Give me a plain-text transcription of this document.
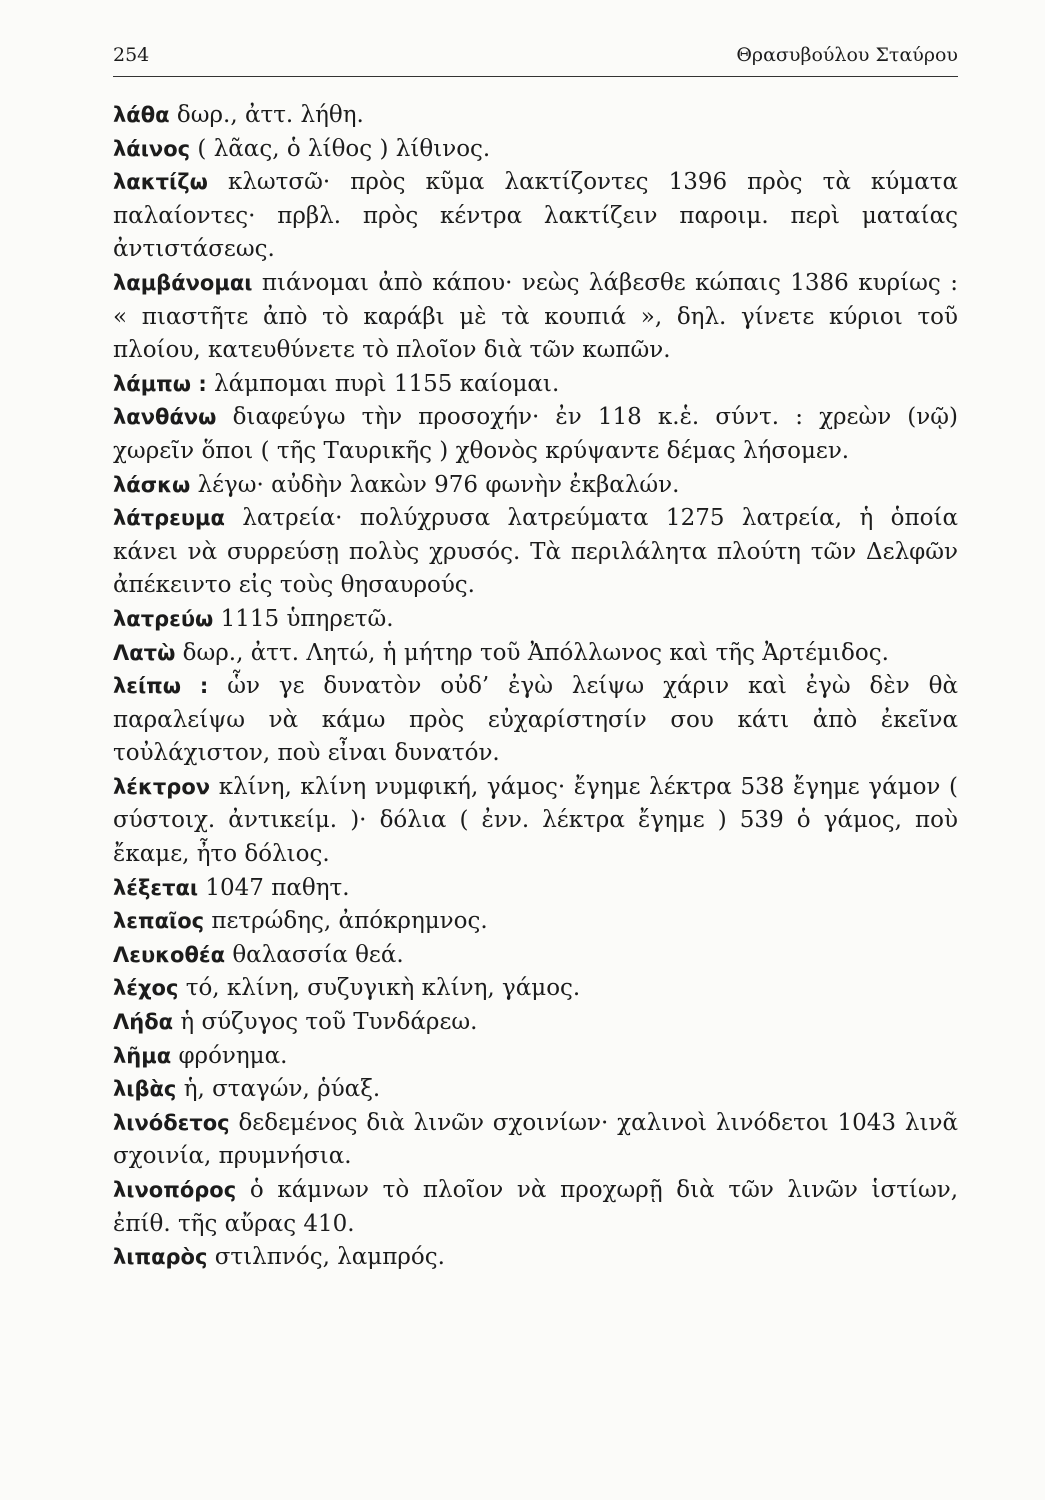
254	Θρασυβούλου Σταύρου

λάθα δωρ., ἀττ. λήθη.

λάινος ( λᾶας, ὁ λίθος ) λίθινος.

λακτίζω κλωτσῶ· πρὸς κῦμα λακτίζοντες 1396 πρὸς τὰ κύματα παλαίοντες· πρβλ. πρὸς κέντρα λακτίζειν παροιμ. περὶ ματαίας ἀντιστάσεως.

λαμβάνομαι πιάνομαι ἀπὸ κάπου· νεὼς λάβεσθε κώπαις 1386 κυρίως : « πιαστῆτε ἀπὸ τὸ καράβι μὲ τὰ κουπιά », δηλ. γίνετε κύριοι τοῦ πλοίου, κατευθύνετε τὸ πλοῖον διὰ τῶν κωπῶν.

λάμπω : λάμπομαι πυρὶ 1155 καίομαι.

λανθάνω διαφεύγω τὴν προσοχήν· ἐν 118 κ.ἑ. σύντ. : χρεὼν (νῷ) χωρεῖν ὅποι ( τῆς Ταυρικῆς ) χθονὸς κρύψαντε δέμας λήσομεν.

λάσκω λέγω· αὐδὴν λακὼν 976 φωνὴν ἐκβαλών.

λάτρευμα λατρεία· πολύχρυσα λατρεύματα 1275 λατρεία, ἡ ὁποία κάνει νὰ συρρεύσῃ πολὺς χρυσός. Τὰ περιλάλητα πλούτη τῶν Δελφῶν ἀπέκειντο εἰς τοὺς θησαυρούς.

λατρεύω 1115 ὑπηρετῶ.

Λατὼ δωρ., ἀττ. Λητώ, ἡ μήτηρ τοῦ Ἀπόλλωνος καὶ τῆς Ἀρτέμιδος.

λείπω : ὧν γε δυνατὸν οὐδ’ ἐγὼ λείψω χάριν καὶ ἐγὼ δὲν θὰ παραλείψω νὰ κάμω πρὸς εὐχαρίστησίν σου κάτι ἀπὸ ἐκεῖνα τοὐλάχιστον, ποὺ εἶναι δυνατόν.

λέκτρον κλίνη, κλίνη νυμφική, γάμος· ἔγημε λέκτρα 538 ἔγημε γάμον ( σύστοιχ. ἀντικείμ. )· δόλια ( ἐνν. λέκτρα ἔγημε ) 539 ὁ γάμος, ποὺ ἔκαμε, ἦτο δόλιος.

λέξεται 1047 παθητ.

λεπαῖος πετρώδης, ἀπόκρημνος.

Λευκοθέα θαλασσία θεά.

λέχος τό, κλίνη, συζυγικὴ κλίνη, γάμος.

Λήδα ἡ σύζυγος τοῦ Τυνδάρεω.

λῆμα φρόνημα.

λιβὰς ἡ, σταγών, ῥύαξ.

λινόδετος δεδεμένος διὰ λινῶν σχοινίων· χαλινοὶ λινόδετοι 1043 λινᾶ σχοινία, πρυμνήσια.

λινοπόρος ὁ κάμνων τὸ πλοῖον νὰ προχωρῇ διὰ τῶν λινῶν ἱστίων, ἐπίθ. τῆς αὔρας 410.

λιπαρὸς στιλπνός, λαμπρός.
